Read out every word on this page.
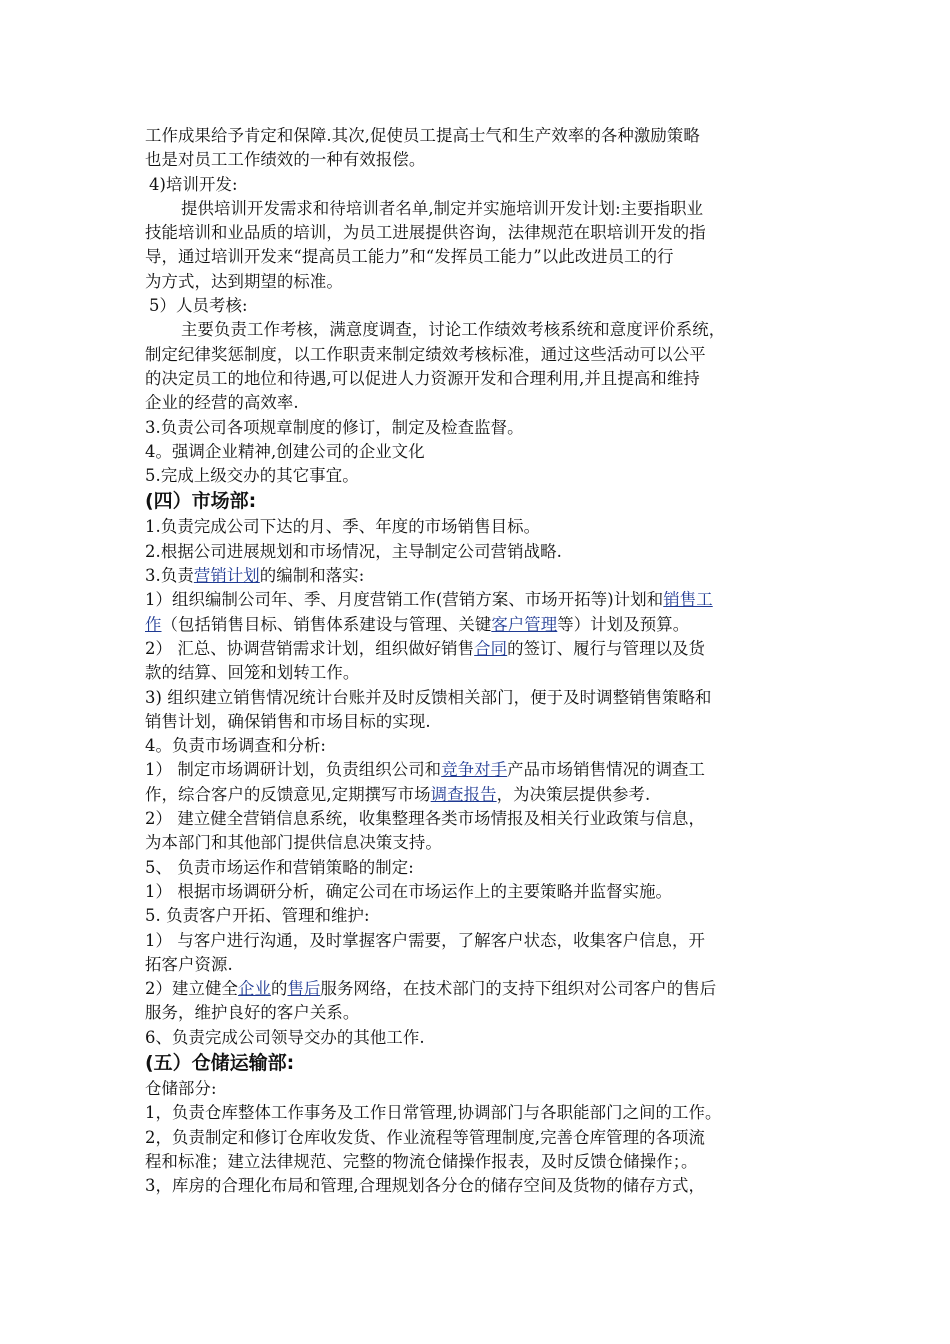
工作成果给予肯定和保障.其次,促使员工提高士气和生产效率的各种激励策略
也是对员工工作绩效的一种有效报偿。
4)培训开发:
提供培训开发需求和待培训者名单,制定并实施培训开发计划:主要指职业
技能培训和业品质的培训，为员工进展提供咨询，法律规范在职培训开发的指
导，通过培训开发来“提高员工能力”和“发挥员工能力”以此改进员工的行
为方式，达到期望的标准。
5）人员考核:
主要负责工作考核，满意度调查，讨论工作绩效考核系统和意度评价系统，
制定纪律奖惩制度，以工作职责来制定绩效考核标准，通过这些活动可以公平
的决定员工的地位和待遇,可以促进人力资源开发和合理利用,并且提高和维持
企业的经营的高效率.
3.负责公司各项规章制度的修订，制定及检查监督。
4。强调企业精神,创建公司的企业文化
5.完成上级交办的其它事宜。
(四）市场部:
1.负责完成公司下达的月、季、年度的市场销售目标。
2.根据公司进展规划和市场情况，主导制定公司营销战略.
3.负责营销计划的编制和落实:
1）组织编制公司年、季、月度营销工作(营销方案、市场开拓等)计划和销售工
作（包括销售目标、销售体系建设与管理、关键客户管理等）计划及预算。
2） 汇总、协调营销需求计划，组织做好销售合同的签订、履行与管理以及货
款的结算、回笼和划转工作。
3) 组织建立销售情况统计台账并及时反馈相关部门，便于及时调整销售策略和
销售计划，确保销售和市场目标的实现.
4。负责市场调查和分析:
1） 制定市场调研计划，负责组织公司和竞争对手产品市场销售情况的调查工
作，综合客户的反馈意见,定期撰写市场调查报告，为决策层提供参考.
2） 建立健全营销信息系统，收集整理各类市场情报及相关行业政策与信息，
为本部门和其他部门提供信息决策支持。
5、 负责市场运作和营销策略的制定:
1） 根据市场调研分析，确定公司在市场运作上的主要策略并监督实施。
5. 负责客户开拓、管理和维护:
1） 与客户进行沟通，及时掌握客户需要，了解客户状态，收集客户信息，开
拓客户资源.
2）建立健全企业的售后服务网络，在技术部门的支持下组织对公司客户的售后
服务，维护良好的客户关系。
6、负责完成公司领导交办的其他工作.
(五）仓储运输部:
仓储部分:
1，负责仓库整体工作事务及工作日常管理,协调部门与各职能部门之间的工作。
2，负责制定和修订仓库收发货、作业流程等管理制度,完善仓库管理的各项流
程和标准；建立法律规范、完整的物流仓储操作报表，及时反馈仓储操作；。
3，库房的合理化布局和管理,合理规划各分仓的储存空间及货物的储存方式，
